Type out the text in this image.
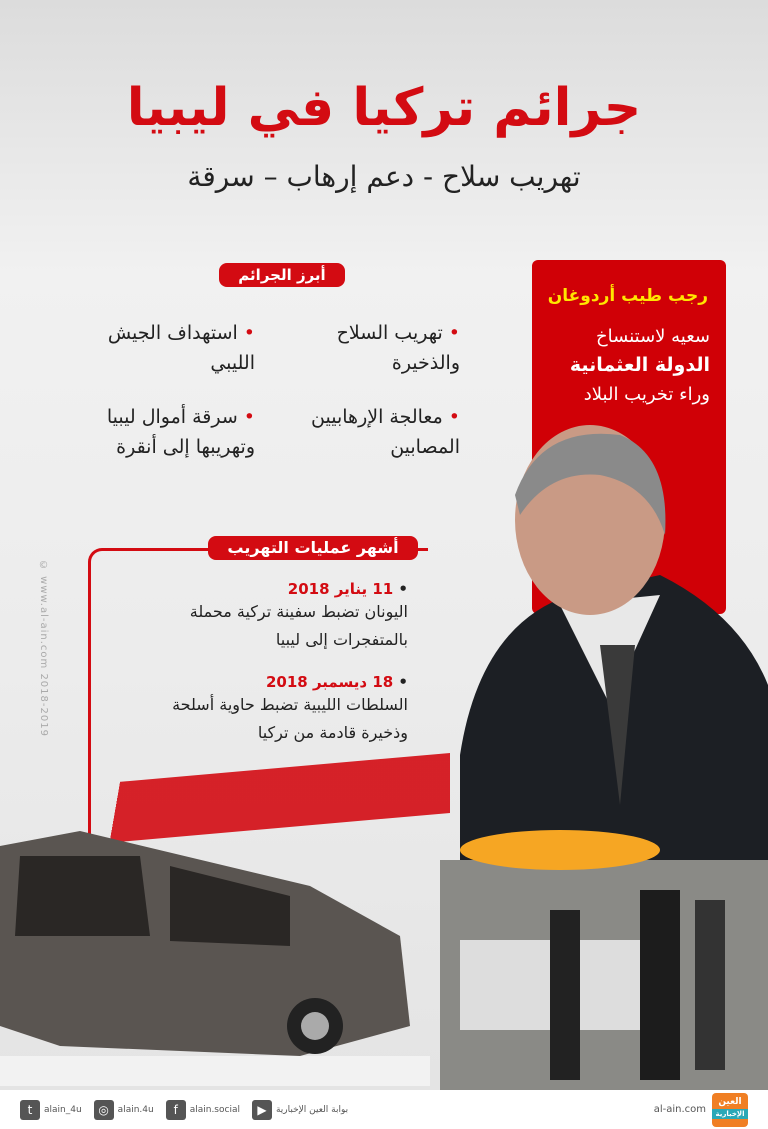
جرائم تركيا في ليبيا
تهريب سلاح - دعم إرهاب – سرقة
أبرز الجرائم
•تهريب السلاح والذخيرة
•استهداف الجيش الليبي
•معالجة الإرهابيين المصابين
•سرقة أموال ليبيا وتهريبها إلى أنقرة
رجب طيب أردوغان
سعيه لاستنساخ
الدولة العثمانية
وراء تخريب البلاد
© www.al-ain.com 2018-2019
أشهر عمليات التهريب
• 11 يناير 2018
اليونان تضبط سفينة تركية محملة بالمتفجرات إلى ليبيا
• 18 ديسمبر 2018
السلطات الليبية تضبط حاوية أسلحة وذخيرة قادمة من تركيا
t	alain_4u	◎ alain.4u	f	alain.social	▶	بوابة العين الإخبارية	al-ain.com
العين
الإخبارية
